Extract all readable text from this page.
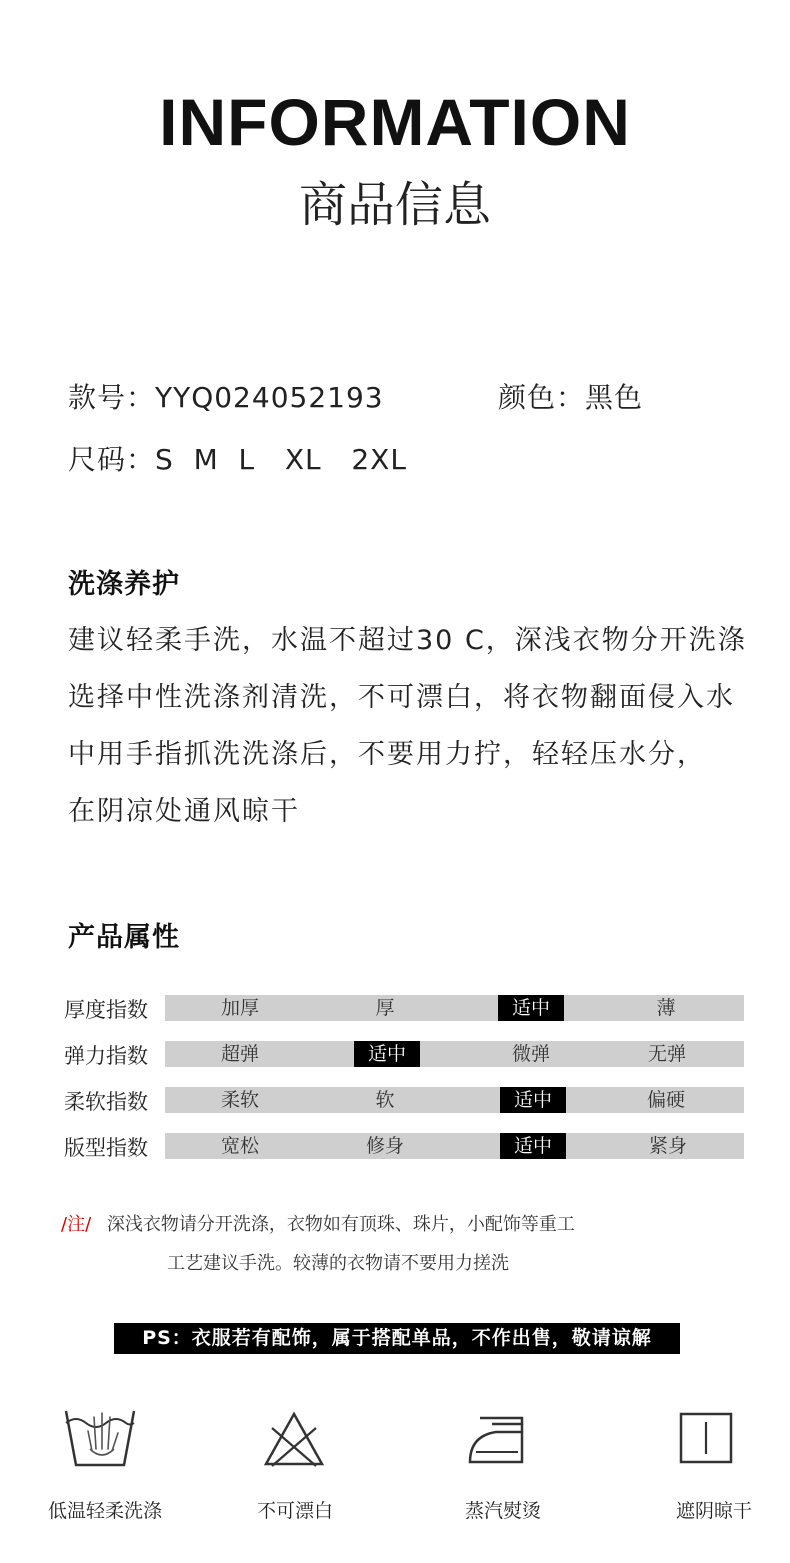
INFORMATION
商品信息
款号：YYQ024052193	颜色：黑色
尺码：S  M  L   XL   2XL
洗涤养护
建议轻柔手洗，水温不超过30 C，深浅衣物分开洗涤
选择中性洗涤剂清洗，不可漂白，将衣物翻面侵入水
中用手指抓洗洗涤后，不要用力拧，轻轻压水分，
在阴凉处通风晾干
产品属性
厚度指数	加厚	厚	适中	薄
弹力指数	超弹	适中	微弹	无弹
柔软指数	柔软	软	适中	偏硬
版型指数	宽松	修身	适中	紧身
/注/ 深浅衣物请分开洗涤，衣物如有顶珠、珠片，小配饰等重工
工艺建议手洗。较薄的衣物请不要用力搓洗
PS：衣服若有配饰，属于搭配单品，不作出售，敬请谅解
低温轻柔洗涤	不可漂白	蒸汽熨烫	遮阴晾干
